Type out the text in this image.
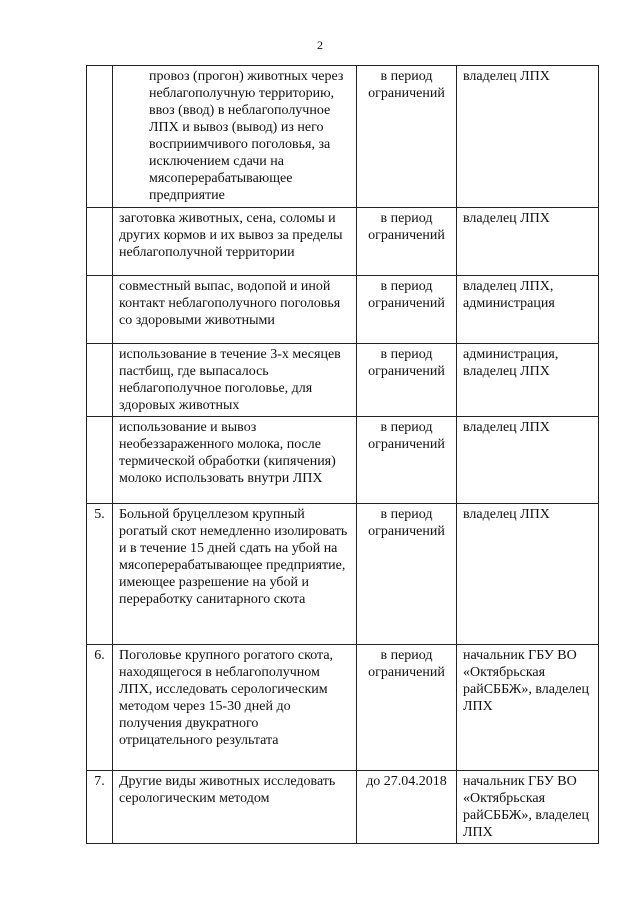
2
	провоз (прогон) животных через неблагополучную территорию, ввоз (ввод) в неблагополучное ЛПХ и вывоз (вывод) из него восприимчивого поголовья, за исключением сдачи на мясоперерабатывающее предприятие	в период ограничений	владелец ЛПХ
	заготовка животных, сена, соломы и других кормов и их вывоз за пределы неблагополучной территории	в период ограничений	владелец ЛПХ
	совместный выпас, водопой и иной контакт неблагополучного поголовья со здоровыми животными	в период ограничений	владелец ЛПХ, администрация
	использование в течение 3-х месяцев пастбищ, где выпасалось неблагополучное поголовье, для здоровых животных	в период ограничений	администрация, владелец ЛПХ
	использование и вывоз необеззараженного молока, после термической обработки (кипячения) молоко использовать внутри ЛПХ	в период ограничений	владелец ЛПХ
5.	Больной бруцеллезом крупный рогатый скот немедленно изолировать и в течение 15 дней сдать на убой на мясоперерабатывающее предприятие, имеющее разрешение на убой и переработку санитарного скота	в период ограничений	владелец ЛПХ
6.	Поголовье крупного рогатого скота, находящегося в неблагополучном ЛПХ, исследовать серологическим методом через 15-30 дней до получения двукратного отрицательного результата	в период ограничений	начальник ГБУ ВО «Октябрьская райСББЖ», владелец ЛПХ
7.	Другие виды животных исследовать серологическим методом	до 27.04.2018	начальник ГБУ ВО «Октябрьская райСББЖ», владелец ЛПХ
